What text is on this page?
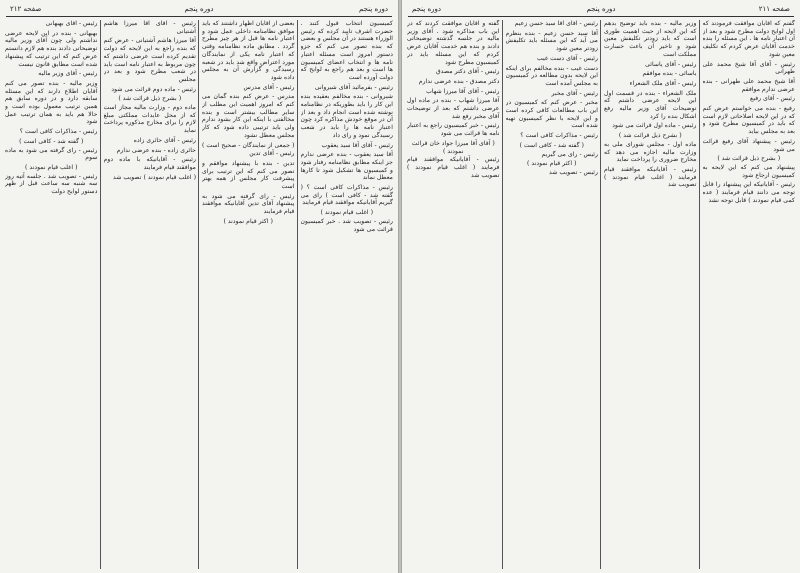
صفحه ۲۱۲	دوره پنجم	دوره پنجم

کمیسیون انتخاب قبول کنند . حضرت اشرف تایید کرده که رئیس الوزراء هستند در آن مجلس و بعضی که بنده تصور می کنم که جزو دستور امروز است مسئله اعتبار نامه ها و انتخاب اعضای کمیسیون ها است و بعد هم راجع به لوایح که دولت آورده است

رئیس - بفرمائید آقای شیروانی

شیروانی - بنده مخالفم بعقیده بنده این کار را باید بطوریکه در نظامنامه نوشته شده است انجام داد و بعد از آن در موقع خودش مذاکره کرد چون اعتبار نامه ها را باید در شعب رسیدگی نمود و رای داد

رئیس - آقای آقا سید یعقوب

آقا سید یعقوب - بنده عرضی ندارم جز اینکه مطابق نظامنامه رفتار شود و کمیسیون ها تشکیل شود تا کارها معطل نماند

رئیس - مذاکرات کافی است ؟ ( گفته شد - کافی است ) رای می گیریم آقایانیکه موافقند قیام فرمایند

( اغلب قیام نمودند )

رئیس - تصویب شد . خبر کمیسیون قرائت می شود

بعضی از آقایان اظهار داشتند که باید موافق نظامنامه داخلی عمل شود و اعتبار نامه ها قبل از هر چیز مطرح گردد . مطابق ماده نظامنامه وقتی که اعتبار نامه یکی از نمایندگان مورد اعتراض واقع شد باید در شعبه رسیدگی و گزارش آن به مجلس داده شود

رئیس - آقای مدرس

مدرس - عرض کنم بنده گمان می کنم که امروز اهمیت این مطلب از سایر مطالب بیشتر است و بنده مخالفتی با اینکه این کار بشود ندارم ولی باید ترتیبی داده شود که کار مجلس معطل نشود

( جمعی از نمایندگان - صحیح است )

رئیس - آقای تدین

تدین - بنده با پیشنهاد موافقم و تصور می کنم که این ترتیب برای پیشرفت کار مجلس از همه بهتر است

رئیس - رای گرفته می شود به پیشنهاد آقای تدین آقایانیکه موافقند قیام فرمایند

( اکثر قیام نمودند )

رئیس - آقای آقا میرزا هاشم آشتیانی

آقا میرزا هاشم آشتیانی - عرض کنم که بنده راجع به این لایحه که دولت تقدیم کرده است عرضی داشتم که چون مربوط به اعتبار نامه است باید در شعب مطرح شود و بعد در مجلس

رئیس - ماده دوم قرائت می شود

( بشرح ذیل قرائت شد )

ماده دوم - وزارت مالیه مجاز است که از محل عایدات مملکتی مبلغ لازم را برای مخارج مذکوره پرداخت نماید

رئیس - آقای حائری زاده

حائری زاده - بنده عرضی ندارم

رئیس - آقایانیکه با ماده دوم موافقند قیام فرمایند

( اغلب قیام نمودند ) تصویب شد

رئیس - آقای بهبهانی

بهبهانی - بنده در این لایحه عرضی نداشتم ولی چون آقای وزیر مالیه توضیحاتی دادند بنده هم لازم دانستم عرض کنم که این ترتیب که پیشنهاد شده است مطابق قانون نیست

رئیس - آقای وزیر مالیه

وزیر مالیه - بنده تصور می کنم آقایان اطلاع دارند که این مسئله سابقه دارد و در دوره سابق هم همین ترتیب معمول بوده است و حالا هم باید به همان ترتیب عمل شود

رئیس - مذاکرات کافی است ؟

( گفته شد - کافی است )

رئیس - رای گرفته می شود به ماده سوم

( اغلب قیام نمودند )

رئیس - تصویب شد . جلسه آتیه روز سه شنبه سه ساعت قبل از ظهر دستور لوایح دولت

صفحه ۲۱۱
دوره پنجم
دوره پنجم

گفتم که آقایان موافقت فرمودند که اول لوایح دولت مطرح شود و بعد از آن اعتبار نامه ها . این مسئله را بنده خدمت آقایان عرض کردم که تکلیف معین شود

رئیس - آقای آقا شیخ محمد علی طهرانی

آقا شیخ محمد علی طهرانی - بنده عرضی ندارم موافقم

رئیس - آقای رفیع

رفیع - بنده می خواستم عرض کنم که در این لایحه اصلاحاتی لازم است که باید در کمیسیون مطرح شود و بعد به مجلس بیاید

رئیس - پیشنهاد آقای رفیع قرائت می شود

( بشرح ذیل قرائت شد )

پیشنهاد می کنم که این لایحه به کمیسیون ارجاع شود

رئیس - آقایانیکه این پیشنهاد را قابل توجه می دانند قیام فرمایند ( عده کمی قیام نمودند ) قابل توجه نشد

وزیر مالیه - بنده باید توضیح بدهم که این لایحه از حیث اهمیت طوری است که باید زودتر تکلیفش معین شود و تاخیر آن باعث خسارت مملکت است

رئیس - آقای یاسائی

یاسائی - بنده موافقم

رئیس - آقای ملک الشعراء

ملک الشعراء - بنده در قسمت اول این لایحه عرضی داشتم که توضیحات آقای وزیر مالیه رفع اشکال بنده را کرد

رئیس - ماده اول قرائت می شود

( بشرح ذیل قرائت شد )

ماده اول - مجلس شورای ملی به وزارت مالیه اجازه می دهد که مخارج ضروری را پرداخت نماید

رئیس - آقایانیکه موافقند قیام فرمایند ( اغلب قیام نمودند ) تصویب شد

رئیس - آقای آقا سید حسن زعیم

آقا سید حسن زعیم - بنده بنظرم می آید که این مسئله باید تکلیفش زودتر معین شود

رئیس - آقای دست غیب

دست غیب - بنده مخالفم برای اینکه این لایحه بدون مطالعه در کمیسیون به مجلس آمده است

رئیس - آقای مخبر

مخبر - عرض کنم که کمیسیون در این باب مطالعات کافی کرده است و این لایحه با نظر کمیسیون تهیه شده است

رئیس - مذاکرات کافی است ؟

( گفته شد - کافی است )

رئیس - رای می گیریم

( اکثر قیام نمودند )

رئیس - تصویب شد

گفته و آقایان موافقت کردند که در این باب مذاکره شود . آقای وزیر مالیه در جلسه گذشته توضیحاتی دادند و بنده هم خدمت آقایان عرض کردم که این مسئله باید در کمیسیون مطرح شود

رئیس - آقای دکتر مصدق

دکتر مصدق - بنده عرضی ندارم

رئیس - آقای آقا میرزا شهاب

آقا میرزا شهاب - بنده در ماده اول عرضی داشتم که بعد از توضیحات آقای مخبر رفع شد

رئیس - خبر کمیسیون راجع به اعتبار نامه ها قرائت می شود

( آقای آقا میرزا جواد خان قرائت نمودند )

رئیس - آقایانیکه موافقند قیام فرمایند ( اغلب قیام نمودند ) تصویب شد
